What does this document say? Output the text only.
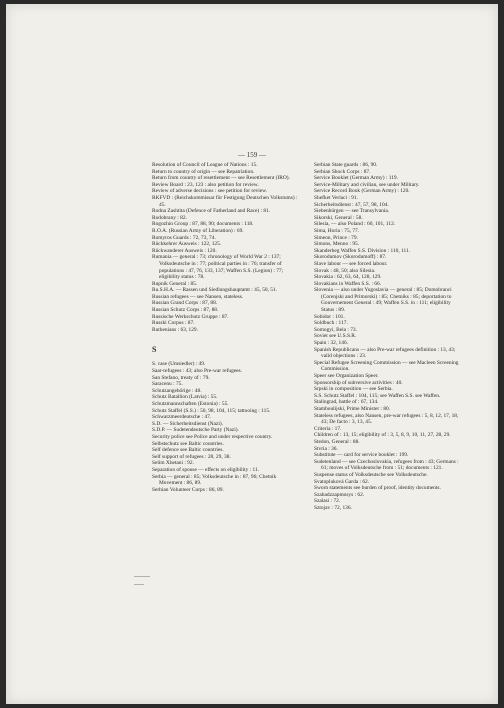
— 159 —

Resolution of Council of League of Nations : 15.

Return to country of origin — see Repatriation.

Return from country of resettlement — see Resettlement (IRO).

Review Board : 23, 123 : also petition for review.

Review of adverse decisions : see petition for review.

RKFVD : (Reichskommissar für Festigung Deutschen Volkstums) : 45.

Rodna Zashtita (Defence of Fatherland and Race) : 81.

Rodobrany : 82.

Rogozhin Group : 87, 88, 90; documents : 118.

R.O.A. (Russian Army of Liberation) : 69.

Romyros Guards : 72, 73, 74.

Rückkehrer Ausweis : 122, 125.

Rückwanderer Ausweis : 120.

Rumania — general : 73; chronology of World War 2 : 137; Volksdeutsche in : 77; political parties in : 76; transfer of populations : 47, 76, 133, 137; Waffen S.S. (Legion) : 77; eligibility status : 78.

Rupnik General : 85.

Ru.S.H.A. — Rassen und Siedlungshauptamt : 45, 50, 51.

Russian refugees — see Nansen, stateless.

Russian Grand Corps : 87, 88.

Russian Schutz Corps : 87, 88.

Russische Werkschutz Gruppe : 87.

Russki Corpus : 87.

Ruthenians : 63, 129.

S

S. case (Umsiedler) : 49.

Saar-refugees : 43; also Pre-war refugees.

San Stefano, treaty of : 79.

Saracenu : 75.

Schutzangehörige : 48.

Schutz Batallion (Latvia) : 55.

Schutzmannschaften (Estonia) : 55.

Schutz Staffel (S.S.) : 50, 98, 104, 115; tattooing : 115.

Schwarzmeerdeutsche : 47.

S.D. — Sicherheitsdienst (Nazi).

S.D.P. — Sudetendeutsche Party (Nazi).

Security police see Police and under respective country.

Selbstschutz see Baltic countries.

Self defence see Baltic countries.

Self support of refugees : 28, 29, 38.

Selim Xhetani : 92.

Separation of spouse — effects on eligibility : 11.

Serbia — general : 85; Volksdeutsche in : 87, 96; Chetnik Movement : 86, 89.

Serbian Volunteer Corps : 86, 89.

Serbian State guards : 86, 90.

Serbian Shock Corps : 87.

Service Booklet (German Army) : 119.

Service-Military and civilian, see under Military.

Service Record Book (German Army) : 120.

Shefket Verlaci : 91.

Sicherheitsdienst : 47, 57, 98, 104.

Siebenbürgen — see Transylvania.

Sikorski, General : 58.

Silesia, — also Poland : 60, 101, 112.

Sima, Horia : 75, 77.

Simeon, Prince : 79.

Simons, Menno : 95.

Skanderbeg Waffen S.S. Division : 110, 111.

Skorodumov (Skorodumoff) : 87.

Slave labour — see forced labour.

Slovak : 48, 50; also Silesia.

Slovakia : 62, 63, 64, 128, 129.

Slovakians in Waffen S.S. : 66.

Slovenia — also under Yugoslavia — general : 85; Domobranci (Corenjski and Primorski) : 85; Chetniks : 85; deportation to Gouvernement General : 49; Waffen S.S. in : 111; eligibility Status : 89.

Sobidor : 101.

Soldbuch : 117.

Somogyi, Bela : 73.

Soviet see U.S.S.R.

Spain : 32, 146.

Spanish Republicans — also Pre-war refugees definition : 13, 43; valid objections : 23.

Special Refugee Screening Commission — see Macleen Screening Commission.

Speer see Organization Speer.

Sponsorship of subversive activities : 40.

Srpski in composition — see Serbia.

S.S. Schutz Staffel : 104, 115; see Waffen S.S. see Waffen.

Stalingrad, battle of : 67, 134.

Stamboulijski, Prime Minister : 80.

Stateless refugees, also Nansen, pre-war refugees : 5, 8, 12, 17, 18, 43; De facto : 3, 13, 45.

Criteria : 17.

Children of : 13, 15; eligibility of : 3, 5, 8, 9, 10, 11, 27, 28, 29.

Stedon, General : 88.

Stvria : 36.

Substitute — card for service booklet : 199.

Sudetenland — see Czechoslovakia, refugees from : 43; Germans : 61; moves of Volksdeutsche from : 51; documents : 121.

Suspense status of Volksdeutsche see Volksdeutsche.

Svatopluková Garda : 62.

Sworn statements see burden of proof, identity documents.

Szabadzzapmosys : 62.

Szalasi : 72.

Sztojav : 72, 136.
